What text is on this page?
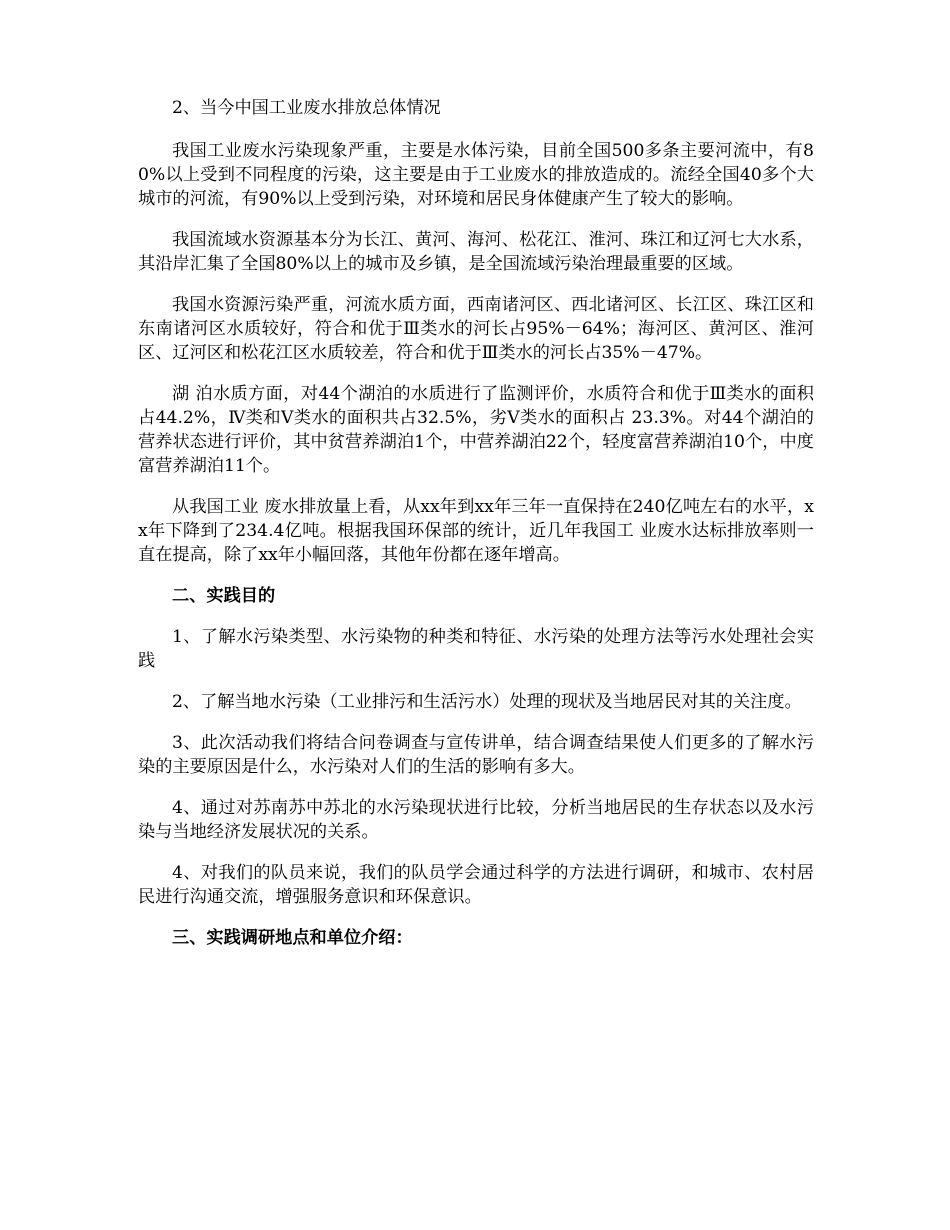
2、当今中国工业废水排放总体情况

我国工业废水污染现象严重，主要是水体污染，目前全国500多条主要河流中，有80%以上受到不同程度的污染，这主要是由于工业废水的排放造成的。流经全国40多个大城市的河流，有90%以上受到污染，对环境和居民身体健康产生了较大的影响。

我国流域水资源基本分为长江、黄河、海河、松花江、淮河、珠江和辽河七大水系，其沿岸汇集了全国80%以上的城市及乡镇，是全国流域污染治理最重要的区域。

我国水资源污染严重，河流水质方面，西南诸河区、西北诸河区、长江区、珠江区和东南诸河区水质较好，符合和优于Ⅲ类水的河长占95%－64%；海河区、黄河区、淮河区、辽河区和松花江区水质较差，符合和优于Ⅲ类水的河长占35%－47%。

湖 泊水质方面，对44个湖泊的水质进行了监测评价，水质符合和优于Ⅲ类水的面积占44.2%，Ⅳ类和Ⅴ类水的面积共占32.5%，劣Ⅴ类水的面积占 23.3%。对44个湖泊的营养状态进行评价，其中贫营养湖泊1个，中营养湖泊22个，轻度富营养湖泊10个，中度富营养湖泊11个。

从我国工业 废水排放量上看，从xx年到xx年三年一直保持在240亿吨左右的水平，xx年下降到了234.4亿吨。根据我国环保部的统计，近几年我国工 业废水达标排放率则一直在提高，除了xx年小幅回落，其他年份都在逐年增高。

二、实践目的

1、了解水污染类型、水污染物的种类和特征、水污染的处理方法等污水处理社会实践

2、了解当地水污染（工业排污和生活污水）处理的现状及当地居民对其的关注度。

3、此次活动我们将结合问卷调查与宣传讲单，结合调查结果使人们更多的了解水污染的主要原因是什么，水污染对人们的生活的影响有多大。

4、通过对苏南苏中苏北的水污染现状进行比较，分析当地居民的生存状态以及水污染与当地经济发展状况的关系。

4、对我们的队员来说，我们的队员学会通过科学的方法进行调研，和城市、农村居民进行沟通交流，增强服务意识和环保意识。

三、实践调研地点和单位介绍：
